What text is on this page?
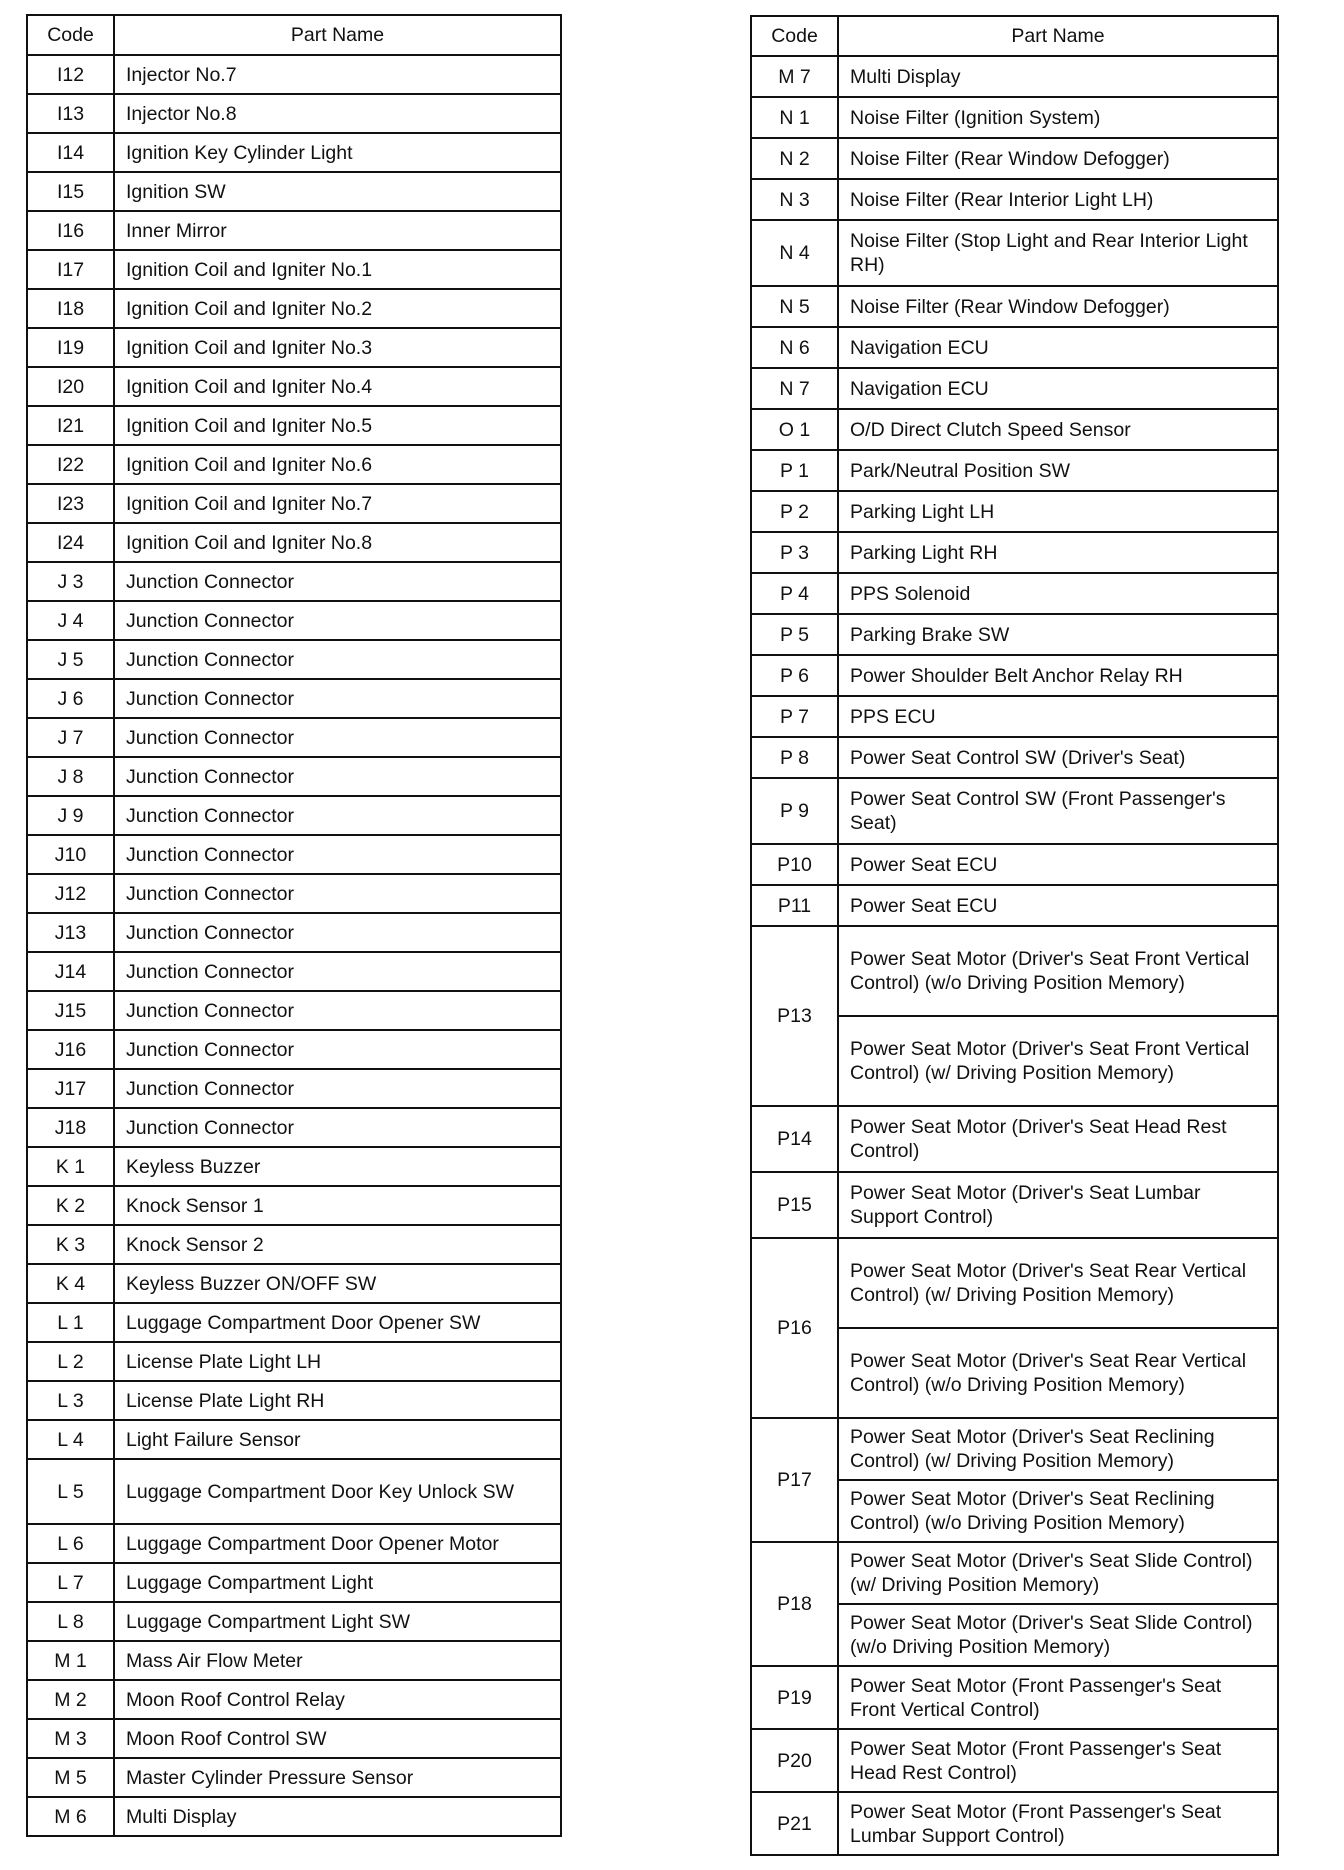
Code	Part Name
I12	Injector No.7
I13	Injector No.8
I14	Ignition Key Cylinder Light
I15	Ignition SW
I16	Inner Mirror
I17	Ignition Coil and Igniter No.1
I18	Ignition Coil and Igniter No.2
I19	Ignition Coil and Igniter No.3
I20	Ignition Coil and Igniter No.4
I21	Ignition Coil and Igniter No.5
I22	Ignition Coil and Igniter No.6
I23	Ignition Coil and Igniter No.7
I24	Ignition Coil and Igniter No.8
J 3	Junction Connector
J 4	Junction Connector
J 5	Junction Connector
J 6	Junction Connector
J 7	Junction Connector
J 8	Junction Connector
J 9	Junction Connector
J10	Junction Connector
J12	Junction Connector
J13	Junction Connector
J14	Junction Connector
J15	Junction Connector
J16	Junction Connector
J17	Junction Connector
J18	Junction Connector
K 1	Keyless Buzzer
K 2	Knock Sensor 1
K 3	Knock Sensor 2
K 4	Keyless Buzzer ON/OFF SW
L 1	Luggage Compartment Door Opener SW
L 2	License Plate Light LH
L 3	License Plate Light RH
L 4	Light Failure Sensor
L 5	Luggage Compartment Door Key Unlock SW
L 6	Luggage Compartment Door Opener Motor
L 7	Luggage Compartment Light
L 8	Luggage Compartment Light SW
M 1	Mass Air Flow Meter
M 2	Moon Roof Control Relay
M 3	Moon Roof Control SW
M 5	Master Cylinder Pressure Sensor
M 6	Multi Display
Code	Part Name
M 7	Multi Display
N 1	Noise Filter (Ignition System)
N 2	Noise Filter (Rear Window Defogger)
N 3	Noise Filter (Rear Interior Light LH)
N 4	Noise Filter (Stop Light and Rear Interior Light RH)
N 5	Noise Filter (Rear Window Defogger)
N 6	Navigation ECU
N 7	Navigation ECU
O 1	O/D Direct Clutch Speed Sensor
P 1	Park/Neutral Position SW
P 2	Parking Light LH
P 3	Parking Light RH
P 4	PPS Solenoid
P 5	Parking Brake SW
P 6	Power Shoulder Belt Anchor Relay RH
P 7	PPS ECU
P 8	Power Seat Control SW (Driver's Seat)
P 9	Power Seat Control SW (Front Passenger's Seat)
P10	Power Seat ECU
P11	Power Seat ECU
P13	Power Seat Motor (Driver's Seat Front Vertical Control) (w/o Driving Position Memory)
	Power Seat Motor (Driver's Seat Front Vertical Control) (w/ Driving Position Memory)
P14	Power Seat Motor (Driver's Seat Head Rest Control)
P15	Power Seat Motor (Driver's Seat Lumbar Support Control)
P16	Power Seat Motor (Driver's Seat Rear Vertical Control) (w/ Driving Position Memory)
	Power Seat Motor (Driver's Seat Rear Vertical Control) (w/o Driving Position Memory)
P17	Power Seat Motor (Driver's Seat Reclining Control) (w/ Driving Position Memory)
	Power Seat Motor (Driver's Seat Reclining Control) (w/o Driving Position Memory)
P18	Power Seat Motor (Driver's Seat Slide Control) (w/ Driving Position Memory)
	Power Seat Motor (Driver's Seat Slide Control) (w/o Driving Position Memory)
P19	Power Seat Motor (Front Passenger's Seat Front Vertical Control)
P20	Power Seat Motor (Front Passenger's Seat Head Rest Control)
P21	Power Seat Motor (Front Passenger's Seat Lumbar Support Control)
